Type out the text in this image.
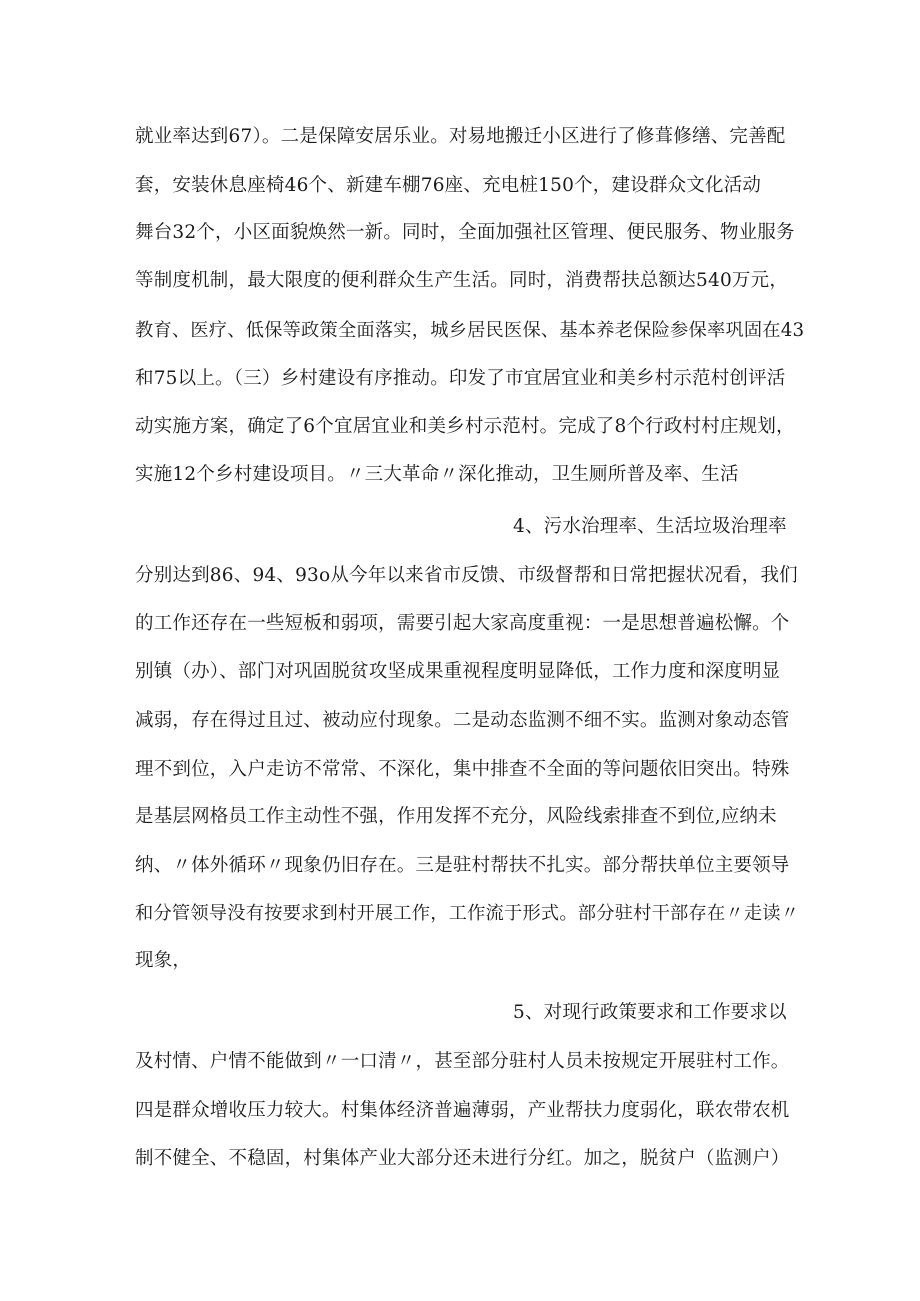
就业率达到67）。二是保障安居乐业。对易地搬迁小区进行了修葺修缮、完善配
套，安装休息座椅46个、新建车棚76座、充电桩150个，建设群众文化活动
舞台32个，小区面貌焕然一新。同时，全面加强社区管理、便民服务、物业服务
等制度机制，最大限度的便利群众生产生活。同时，消费帮扶总额达540万元，
教育、医疗、低保等政策全面落实，城乡居民医保、基本养老保险参保率巩固在43
和75以上。（三）乡村建设有序推动。印发了市宜居宜业和美乡村示范村创评活
动实施方案，确定了6个宜居宜业和美乡村示范村。完成了8个行政村村庄规划，
实施12个乡村建设项目。〃三大革命〃深化推动，卫生厕所普及率、生活
4、污水治理率、生活垃圾治理率
分别达到86、94、93o从今年以来省市反馈、市级督帮和日常把握状况看，我们
的工作还存在一些短板和弱项，需要引起大家高度重视：一是思想普遍松懈。个
别镇（办）、部门对巩固脱贫攻坚成果重视程度明显降低，工作力度和深度明显
减弱，存在得过且过、被动应付现象。二是动态监测不细不实。监测对象动态管
理不到位，入户走访不常常、不深化，集中排查不全面的等问题依旧突出。特殊
是基层网格员工作主动性不强，作用发挥不充分，风险线索排查不到位,应纳未
纳、〃体外循环〃现象仍旧存在。三是驻村帮扶不扎实。部分帮扶单位主要领导
和分管领导没有按要求到村开展工作，工作流于形式。部分驻村干部存在〃走读〃
现象，
5、对现行政策要求和工作要求以
及村情、户情不能做到〃一口清〃，甚至部分驻村人员未按规定开展驻村工作。
四是群众增收压力较大。村集体经济普遍薄弱，产业帮扶力度弱化，联农带农机
制不健全、不稳固，村集体产业大部分还未进行分红。加之，脱贫户（监测户）
